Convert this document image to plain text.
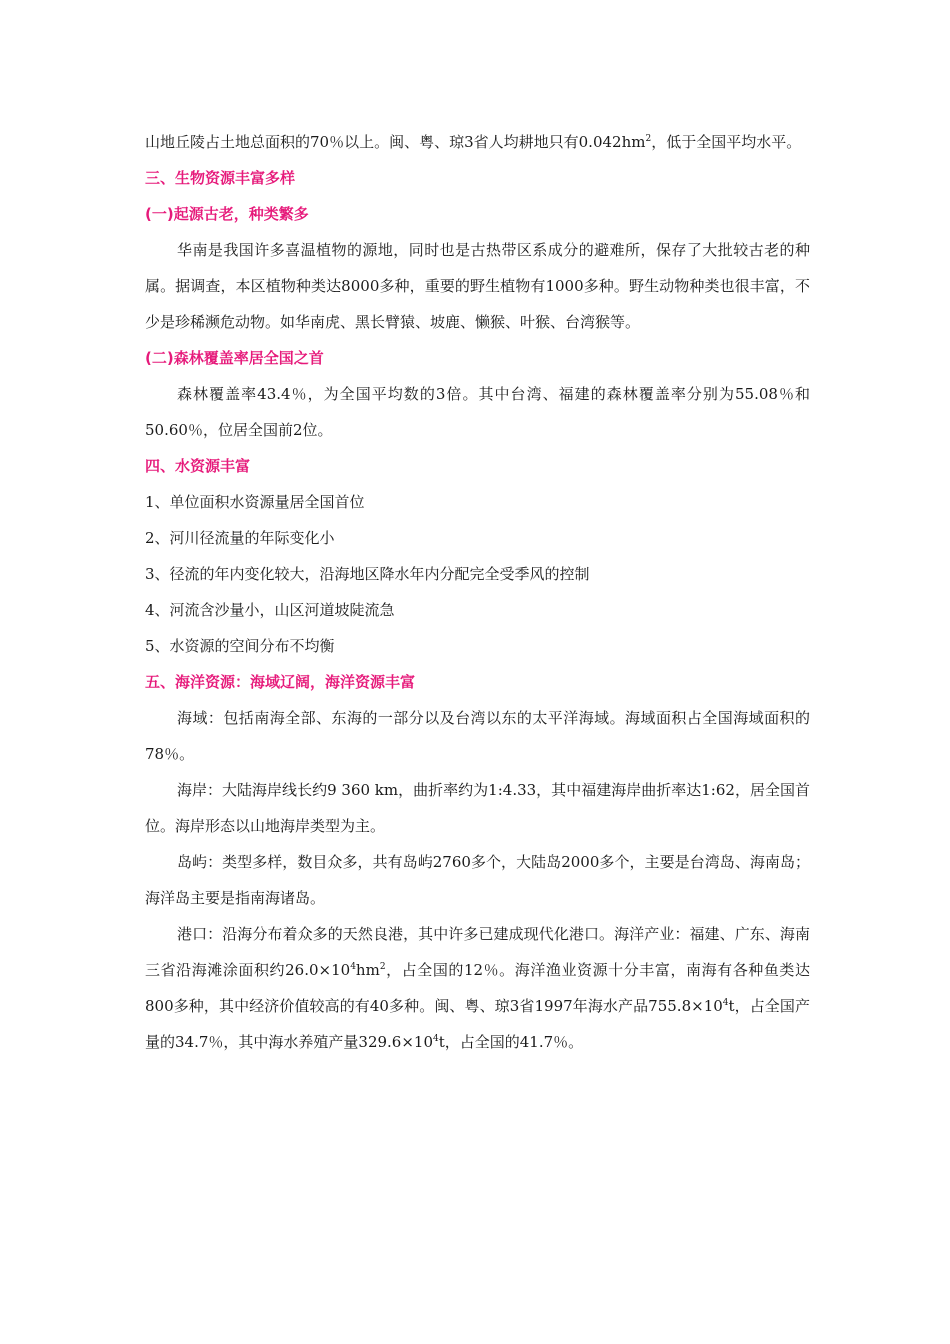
山地丘陵占土地总面积的70％以上。闽、粤、琼3省人均耕地只有$0.042hm^2$，低于全国平均水平。

三、生物资源丰富多样

(一)起源古老，种类繁多

华南是我国许多喜温植物的源地，同时也是古热带区系成分的避难所，保存了大批较古老的种属。据调查，本区植物种类达8000多种，重要的野生植物有1000多种。野生动物种类也很丰富，不少是珍稀濒危动物。如华南虎、黑长臂猿、坡鹿、懒猴、叶猴、台湾猴等。

(二)森林覆盖率居全国之首

森林覆盖率43.4％，为全国平均数的3倍。其中台湾、福建的森林覆盖率分别为55.08％和50.60％，位居全国前2位。

四、水资源丰富

1、单位面积水资源量居全国首位

2、河川径流量的年际变化小

3、径流的年内变化较大，沿海地区降水年内分配完全受季风的控制

4、河流含沙量小，山区河道坡陡流急

5、水资源的空间分布不均衡

五、海洋资源：海域辽阔，海洋资源丰富

海域：包括南海全部、东海的一部分以及台湾以东的太平洋海域。海域面积占全国海域面积的78％。

海岸：大陆海岸线长约9 360 km，曲折率约为1:4.33，其中福建海岸曲折率达1:62，居全国首位。海岸形态以山地海岸类型为主。

岛屿：类型多样，数目众多，共有岛屿2760多个，大陆岛2000多个，主要是台湾岛、海南岛；海洋岛主要是指南海诸岛。

港口：沿海分布着众多的天然良港，其中许多已建成现代化港口。海洋产业：福建、广东、海南三省沿海滩涂面积约$26.0\times 10^4hm^2$，占全国的12％。海洋渔业资源十分丰富，南海有各种鱼类达800多种，其中经济价值较高的有40多种。闽、粤、琼3省1997年海水产品$755.8\times 10^4t$，占全国产量的34.7％，其中海水养殖产量$329.6\times 10^4t$，占全国的41.7％。
